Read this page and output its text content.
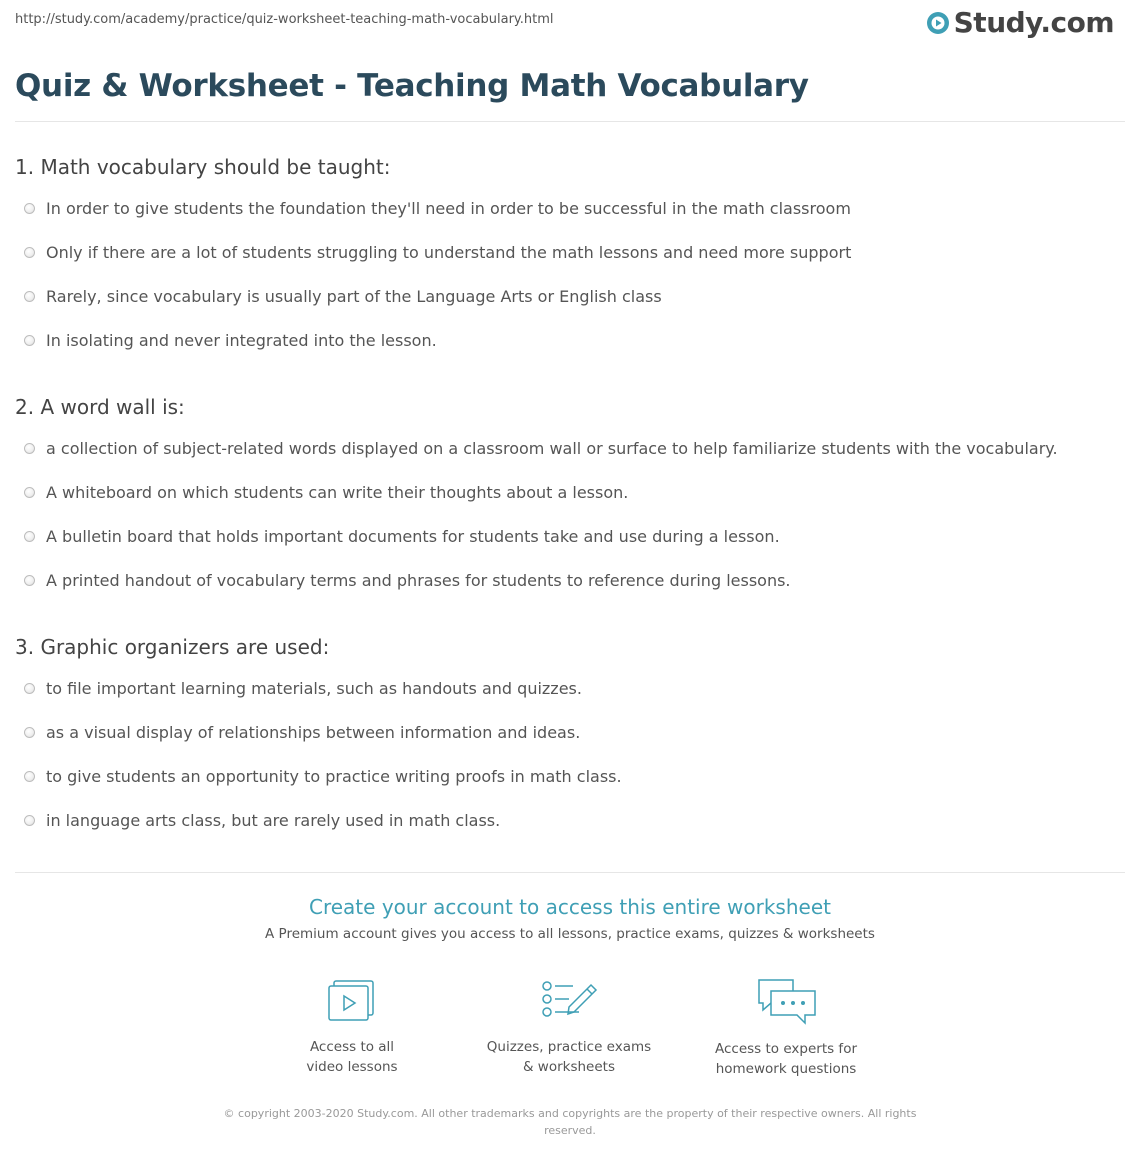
http://study.com/academy/practice/quiz-worksheet-teaching-math-vocabulary.html	Study.com
Quiz & Worksheet - Teaching Math Vocabulary
1. Math vocabulary should be taught:
In order to give students the foundation they'll need in order to be successful in the math classroom
Only if there are a lot of students struggling to understand the math lessons and need more support
Rarely, since vocabulary is usually part of the Language Arts or English class
In isolating and never integrated into the lesson.
2. A word wall is:
a collection of subject-related words displayed on a classroom wall or surface to help familiarize students with the vocabulary.
A whiteboard on which students can write their thoughts about a lesson.
A bulletin board that holds important documents for students take and use during a lesson.
A printed handout of vocabulary terms and phrases for students to reference during lessons.
3. Graphic organizers are used:
to file important learning materials, such as handouts and quizzes.
as a visual display of relationships between information and ideas.
to give students an opportunity to practice writing proofs in math class.
in language arts class, but are rarely used in math class.
Create your account to access this entire worksheet
A Premium account gives you access to all lessons, practice exams, quizzes & worksheets
Access to all
video lessons
Quizzes, practice exams
& worksheets
Access to experts for
homework questions
© copyright 2003-2020 Study.com. All other trademarks and copyrights are the property of their respective owners. All rights reserved.
